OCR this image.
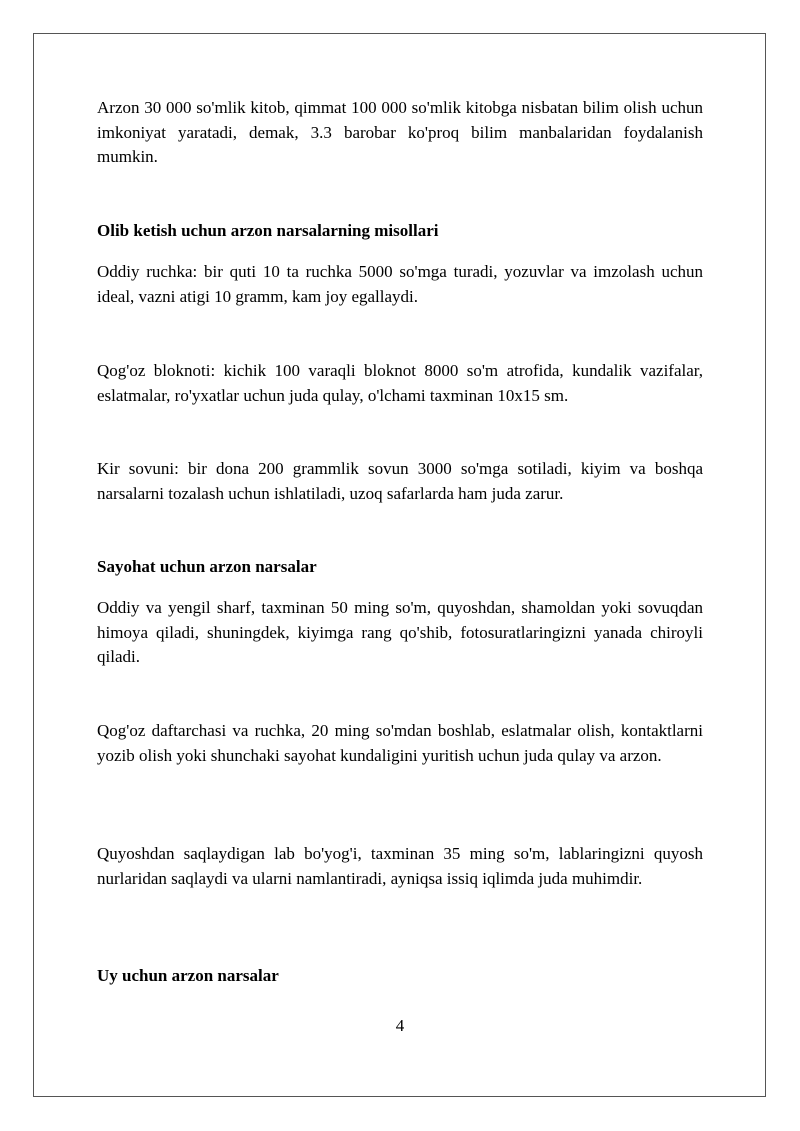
Arzon 30 000 so'mlik kitob, qimmat 100 000 so'mlik kitobga nisbatan bilim olish uchun imkoniyat yaratadi, demak, 3.3 barobar ko'proq bilim manbalaridan foydalanish mumkin.

Olib ketish uchun arzon narsalarning misollari

Oddiy ruchka: bir quti 10 ta ruchka 5000 so'mga turadi, yozuvlar va imzolash uchun ideal, vazni atigi 10 gramm, kam joy egallaydi.

Qog'oz bloknoti: kichik 100 varaqli bloknot 8000 so'm atrofida, kundalik vazifalar, eslatmalar, ro'yxatlar uchun juda qulay, o'lchami taxminan 10x15 sm.

Kir sovuni: bir dona 200 grammlik sovun 3000 so'mga sotiladi, kiyim va boshqa narsalarni tozalash uchun ishlatiladi, uzoq safarlarda ham juda zarur.

Sayohat uchun arzon narsalar

Oddiy va yengil sharf, taxminan 50 ming so'm, quyoshdan, shamoldan yoki sovuqdan himoya qiladi, shuningdek, kiyimga rang qo'shib, fotosuratlaringizni yanada chiroyli qiladi.

Qog'oz daftarchasi va ruchka, 20 ming so'mdan boshlab, eslatmalar olish, kontaktlarni yozib olish yoki shunchaki sayohat kundaligini yuritish uchun juda qulay va arzon.

Quyoshdan saqlaydigan lab bo'yog'i, taxminan 35 ming so'm, lablaringizni quyosh nurlaridan saqlaydi va ularni namlantiradi, ayniqsa issiq iqlimda juda muhimdir.

Uy uchun arzon narsalar
4
